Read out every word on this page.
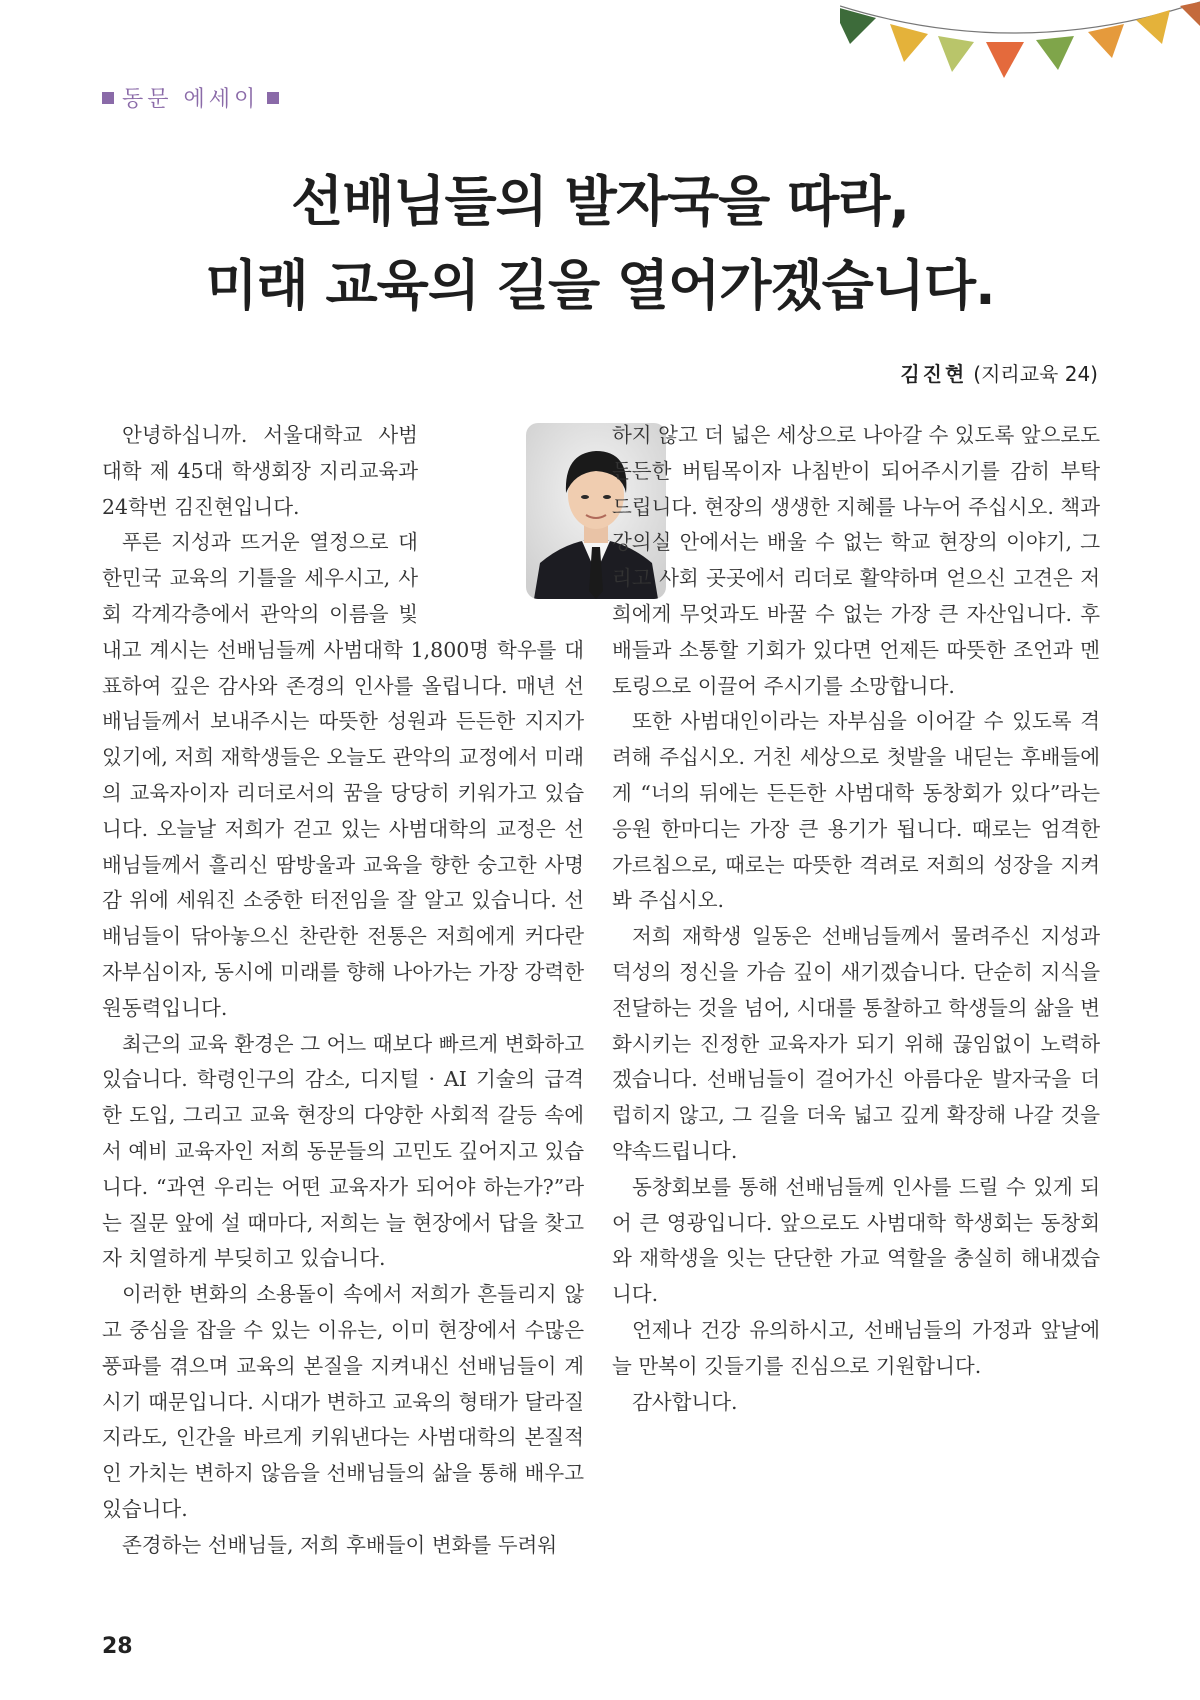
동문 에세이
선배님들의 발자국을 따라,
미래 교육의 길을 열어가겠습니다.
김진현 (지리교육 24)

안녕하십니까. 서울대학교 사범대학 제 45대 학생회장 지리교육과 24학번 김진현입니다.

푸른 지성과 뜨거운 열정으로 대한민국 교육의 기틀을 세우시고, 사회 각계각층에서 관악의 이름을 빛내고 계시는 선배님들께 사범대학 1,800명 학우를 대표하여 깊은 감사와 존경의 인사를 올립니다. 매년 선배님들께서 보내주시는 따뜻한 성원과 든든한 지지가 있기에, 저희 재학생들은 오늘도 관악의 교정에서 미래의 교육자이자 리더로서의 꿈을 당당히 키워가고 있습니다. 오늘날 저희가 걷고 있는 사범대학의 교정은 선배님들께서 흘리신 땀방울과 교육을 향한 숭고한 사명감 위에 세워진 소중한 터전임을 잘 알고 있습니다. 선배님들이 닦아놓으신 찬란한 전통은 저희에게 커다란 자부심이자, 동시에 미래를 향해 나아가는 가장 강력한 원동력입니다.

최근의 교육 환경은 그 어느 때보다 빠르게 변화하고 있습니다. 학령인구의 감소, 디지털 · AI 기술의 급격한 도입, 그리고 교육 현장의 다양한 사회적 갈등 속에서 예비 교육자인 저희 동문들의 고민도 깊어지고 있습니다. “과연 우리는 어떤 교육자가 되어야 하는가?”라는 질문 앞에 설 때마다, 저희는 늘 현장에서 답을 찾고자 치열하게 부딪히고 있습니다.

이러한 변화의 소용돌이 속에서 저희가 흔들리지 않고 중심을 잡을 수 있는 이유는, 이미 현장에서 수많은 풍파를 겪으며 교육의 본질을 지켜내신 선배님들이 계시기 때문입니다. 시대가 변하고 교육의 형태가 달라질지라도, 인간을 바르게 키워낸다는 사범대학의 본질적인 가치는 변하지 않음을 선배님들의 삶을 통해 배우고 있습니다.

존경하는 선배님들, 저희 후배들이 변화를 두려워

하지 않고 더 넓은 세상으로 나아갈 수 있도록 앞으로도 든든한 버팀목이자 나침반이 되어주시기를 감히 부탁드립니다. 현장의 생생한 지혜를 나누어 주십시오. 책과 강의실 안에서는 배울 수 없는 학교 현장의 이야기, 그리고 사회 곳곳에서 리더로 활약하며 얻으신 고견은 저희에게 무엇과도 바꿀 수 없는 가장 큰 자산입니다. 후배들과 소통할 기회가 있다면 언제든 따뜻한 조언과 멘토링으로 이끌어 주시기를 소망합니다.

또한 사범대인이라는 자부심을 이어갈 수 있도록 격려해 주십시오. 거친 세상으로 첫발을 내딛는 후배들에게 “너의 뒤에는 든든한 사범대학 동창회가 있다”라는 응원 한마디는 가장 큰 용기가 됩니다. 때로는 엄격한 가르침으로, 때로는 따뜻한 격려로 저희의 성장을 지켜봐 주십시오.

저희 재학생 일동은 선배님들께서 물려주신 지성과 덕성의 정신을 가슴 깊이 새기겠습니다. 단순히 지식을 전달하는 것을 넘어, 시대를 통찰하고 학생들의 삶을 변화시키는 진정한 교육자가 되기 위해 끊임없이 노력하겠습니다. 선배님들이 걸어가신 아름다운 발자국을 더럽히지 않고, 그 길을 더욱 넓고 깊게 확장해 나갈 것을 약속드립니다.

동창회보를 통해 선배님들께 인사를 드릴 수 있게 되어 큰 영광입니다. 앞으로도 사범대학 학생회는 동창회와 재학생을 잇는 단단한 가교 역할을 충실히 해내겠습니다.

언제나 건강 유의하시고, 선배님들의 가정과 앞날에 늘 만복이 깃들기를 진심으로 기원합니다.

감사합니다.

28
